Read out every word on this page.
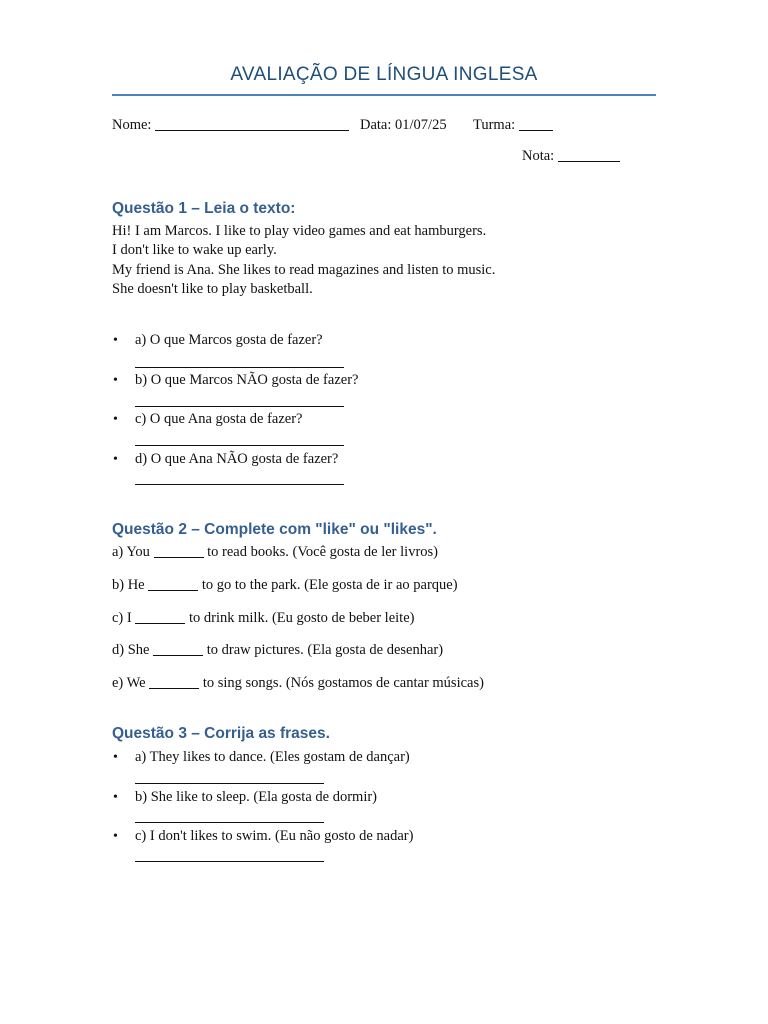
AVALIAÇÃO DE LÍNGUA INGLESA
Nome:	Data: 01/07/25 Turma:
Nota:
Questão 1 – Leia o texto:
Hi! I am Marcos. I like to play video games and eat hamburgers.
I don't like to wake up early.
My friend is Ana. She likes to read magazines and listen to music.
She doesn't like to play basketball.
• a) O que Marcos gosta de fazer?
• b) O que Marcos NÃO gosta de fazer?
• c) O que Ana gosta de fazer?
• d) O que Ana NÃO gosta de fazer?
Questão 2 – Complete com "like" ou "likes".
a) You	to read books. (Você gosta de ler livros)
b) He	to go to the park. (Ele gosta de ir ao parque)
c) I	to drink milk. (Eu gosto de beber leite)
d) She	to draw pictures. (Ela gosta de desenhar)
e) We	to sing songs. (Nós gostamos de cantar músicas)
Questão 3 – Corrija as frases.
• a) They likes to dance. (Eles gostam de dançar)
• b) She like to sleep. (Ela gosta de dormir)
• c) I don't likes to swim. (Eu não gosto de nadar)
